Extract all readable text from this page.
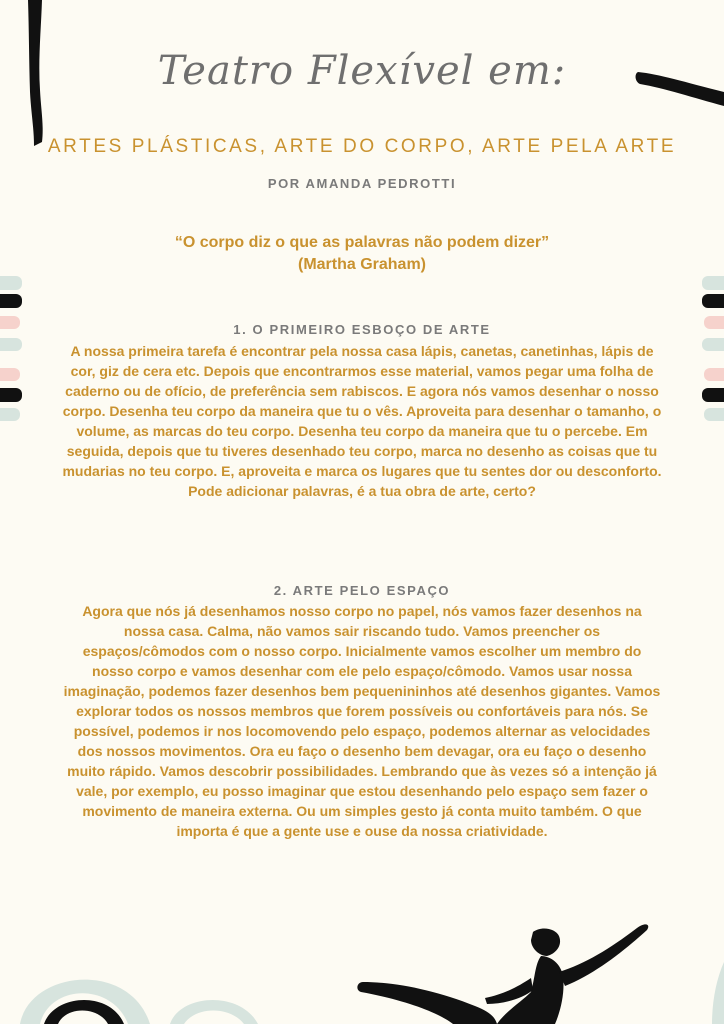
Teatro Flexível em:
ARTES PLÁSTICAS, ARTE DO CORPO, ARTE PELA ARTE
POR AMANDA PEDROTTI
“O corpo diz o que as palavras não podem dizer”
(Martha Graham)
1. O PRIMEIRO ESBOÇO DE ARTE
A nossa primeira tarefa é encontrar pela nossa casa lápis, canetas, canetinhas, lápis de cor, giz de cera etc. Depois que encontrarmos esse material, vamos pegar uma folha de caderno ou de ofício, de preferência sem rabiscos. E agora nós vamos desenhar o nosso corpo. Desenha teu corpo da maneira que tu o vês. Aproveita para desenhar o tamanho, o volume, as marcas do teu corpo. Desenha teu corpo da maneira que tu o percebe. Em seguida, depois que tu tiveres desenhado teu corpo, marca no desenho as coisas que tu mudarias no teu corpo. E, aproveita e marca os lugares que tu sentes dor ou desconforto. Pode adicionar palavras, é a tua obra de arte, certo?
2. ARTE PELO ESPAÇO
Agora que nós já desenhamos nosso corpo no papel, nós vamos fazer desenhos na nossa casa. Calma, não vamos sair riscando tudo. Vamos preencher os espaços/cômodos com o nosso corpo. Inicialmente vamos escolher um membro do nosso corpo e vamos desenhar com ele pelo espaço/cômodo. Vamos usar nossa imaginação, podemos fazer desenhos bem pequenininhos até desenhos gigantes. Vamos explorar todos os nossos membros que forem possíveis ou confortáveis para nós. Se possível, podemos ir nos locomovendo pelo espaço, podemos alternar as velocidades dos nossos movimentos. Ora eu faço o desenho bem devagar, ora eu faço o desenho muito rápido. Vamos descobrir possibilidades. Lembrando que às vezes só a intenção já vale, por exemplo, eu posso imaginar que estou desenhando pelo espaço sem fazer o movimento de maneira externa. Ou um simples gesto já conta muito também. O que importa é que a gente use e ouse da nossa criatividade.
